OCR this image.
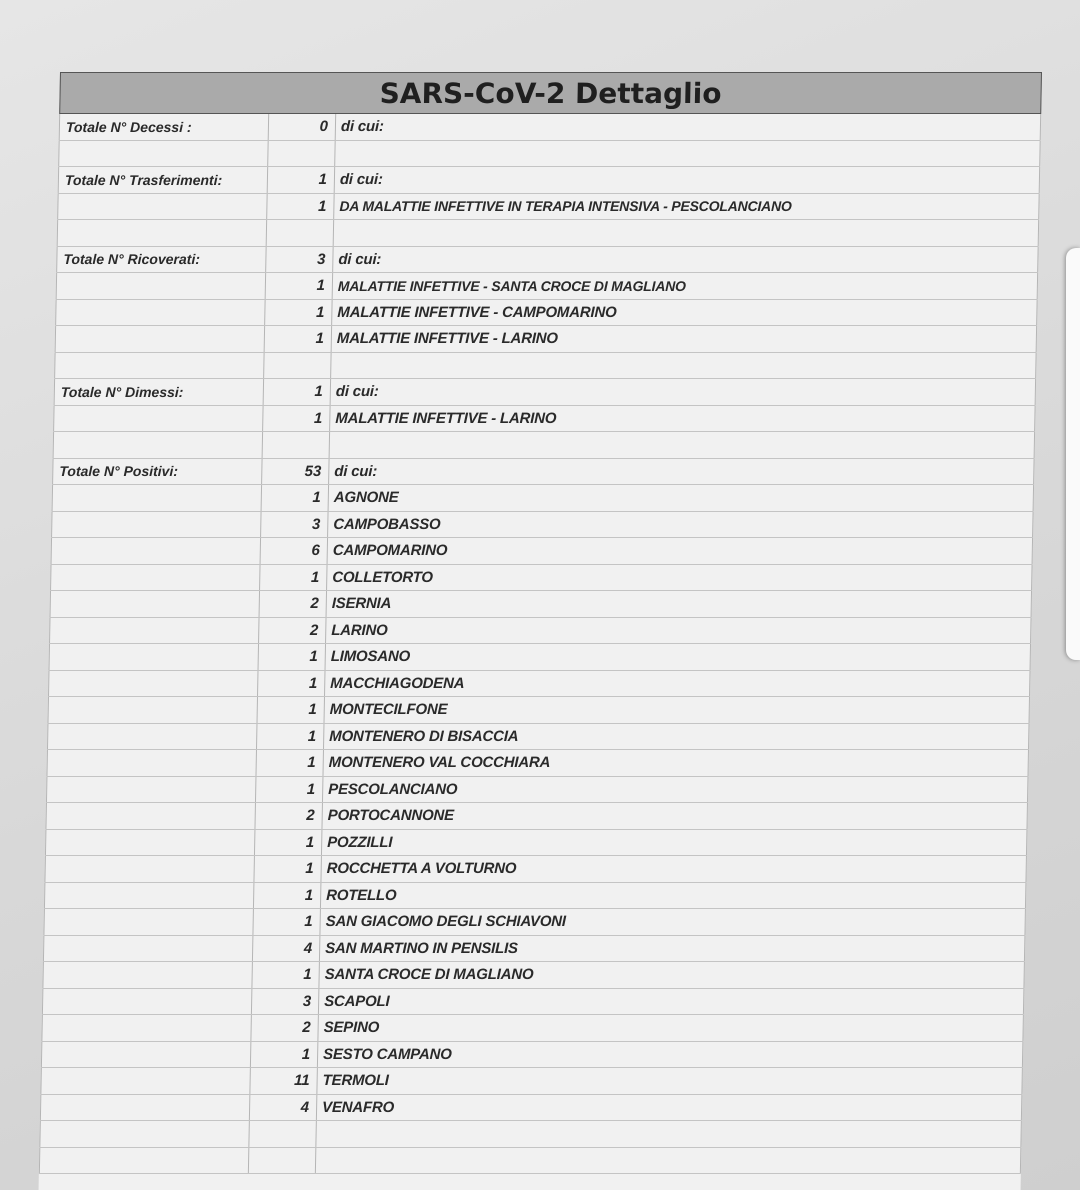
SARS-CoV-2 Dettaglio
Totale N° Decessi :	0 di cui:
Totale N° Trasferimenti:	1 di cui:
1 DA MALATTIE INFETTIVE IN TERAPIA INTENSIVA - PESCOLANCIANO
Totale N° Ricoverati:	3 di cui:
1 MALATTIE INFETTIVE - SANTA CROCE DI MAGLIANO
1 MALATTIE INFETTIVE - CAMPOMARINO
1 MALATTIE INFETTIVE - LARINO
Totale N° Dimessi:	1 di cui:
1 MALATTIE INFETTIVE - LARINO
Totale N° Positivi:	53 di cui:
1 AGNONE
3 CAMPOBASSO
6 CAMPOMARINO
1 COLLETORTO
2 ISERNIA
2 LARINO
1 LIMOSANO
1 MACCHIAGODENA
1 MONTECILFONE
1 MONTENERO DI BISACCIA
1 MONTENERO VAL COCCHIARA
1 PESCOLANCIANO
2 PORTOCANNONE
1 POZZILLI
1 ROCCHETTA A VOLTURNO
1 ROTELLO
1 SAN GIACOMO DEGLI SCHIAVONI
4 SAN MARTINO IN PENSILIS
1 SANTA CROCE DI MAGLIANO
3 SCAPOLI
2 SEPINO
1 SESTO CAMPANO
11 TERMOLI
4 VENAFRO
